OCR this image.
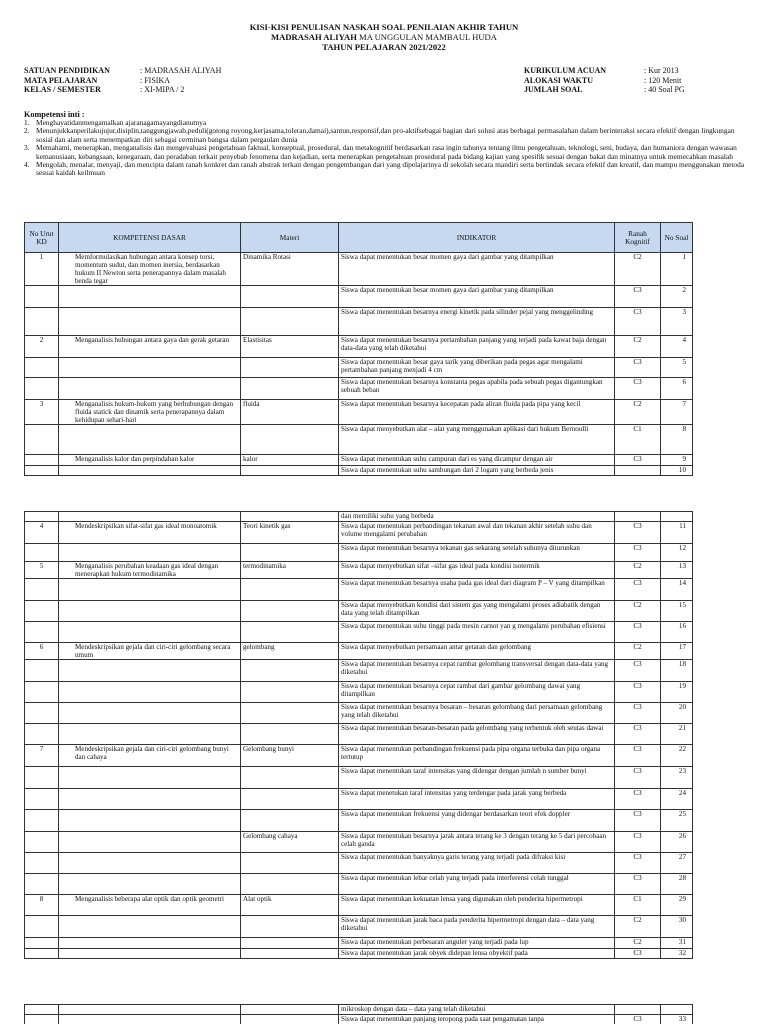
KISI-KISI PENULISAN NASKAH SOAL PENILAIAN AKHIR TAHUN
MADRASAH ALIYAH MA UNGGULAN MAMBAUL HUDA
TAHUN PELAJARAN 2021/2022
SATUAN PENDIDIKAN	: MADRASAH ALIYAH
MATA PELAJARAN	: FISIKA
KELAS / SEMESTER	: XI-MIPA / 2
KURIKULUM ACUAN	: Kur 2013
ALOKASI WAKTU	: 120 Menit
JUMLAH SOAL	: 40 Soal PG
Kompetensi inti :
1. Menghayatidanmengamalkan ajaranagamayangdianutnya
2. Menunjukkanperilakujujur,disiplin,tanggungjawab,peduli(gotong royong,kerjasama,toleran,damai),santun,responsif,dan pro-aktifsebagai bagian dari solusi atas berbagai permasalahan dalam berinteraksi secara efektif dengan lingkungan sosial dan alam serta menempatkan diri sebagai cerminan bangsa dalam pergaulan dunia
3. Memahami, menerapkan, menganalisis dan mengevaluasi pengetahuan faktual, konseptual, prosedural, dan metakognitif berdasarkan rasa ingin tahunya tentang ilmu pengetahuan, teknologi, seni, budaya, dan humaniora dengan wawasan kemanusiaan, kebangsaan, kenegaraan, dan peradaban terkait penyebab fenomena dan kejadian, serta menerapkan pengetahuan prosedural pada bidang kajian yang spesifik sesuai dengan bakat dan minatnya untuk memecahkan masalah
4. Mengolah, menalar, menyaji, dan mencipta dalam ranah konkret dan ranah abstrak terkait dengan pengembangan dari yang dipelajarinya di sekolah secara mandiri serta bertindak secara efektif dan kreatif, dan mampu menggunakan metoda sesuai kaidah keilmuan
No Urut KD	KOMPETENSI DASAR	Materi	INDIKATOR	Ranah Kognitif	No Soal
1	Memformulasikan hubungan antara konsep torsi, momentum sudut, dan momen inersia, berdasarkan hukum II Newton serta penerapannya dalam masalah benda tegar	Dinamika Rotasi	Siswa dapat menentukan besar momen gaya dari gambar yang ditampilkan	C2	1
			Siswa dapat menentukan besar momen gaya dari gambar yang ditampilkan	C3	2
			Siswa dapat menentukan besarnya energi kinetik pada silinder pejal yang menggelinding	C3	3
2	Menganalisis hubungan antara gaya dan gerak getaran	Elastisitas	Siswa dapat menentukan besarnya pertambahan panjang yang terjadi pada kawat baja dengan data-data yang telah diketahui	C2	4
			Siswa dapat menentukan besar gaya tarik yang diberikan pada pegas agar mengalami pertambahan panjang menjadi 4 cm	C3	5
			Siswa dapat menentukan besarnya konstanta pegas apabila pada sebuah pegas digantungkan sebuah beban	C3	6
3	Menganalisis hukum-hukum yang berhubungan dengan fluida statick dan dinamik serta penerapannya dalam kehidupan sehari-hari	fluida	Siswa dapat menentukan besarnya kecepatan pada aliran fluida pada pipa yang kecil	C2	7
			Siswa dapat menyebutkan alat – alat yang menggunakan aplikasi dari hukum Bernoulli	C1	8
	Menganalisis kalor dan perpindahan kalor	kalor	Siswa dapat menentukan suhu campuran dari es yang dicampur dengan air	C3	9
			Siswa dapat menentukan suhu sambungan dari 2 logam yang berbeda jenis		10
			dan memiliki suhu yang berbeda		
4	Mendeskripsikan sifat-sifat gas ideal monoatomik	Teori kinetik gas	Siswa dapat menentukan perbandingan tekanan awal dan tekanan akhir setelah suhu dan volume mengalami perubahan	C3	11
			Siswa dapat menentukan besarnya tekanan gas sekarang setelah suhunya diturunkan	C3	12
5	Menganalisis perubahan keadaan gas ideal dengan menerapkan hukum termodinamika	termodinamika	Siswa dapat menyebutkan sifat –sifat gas ideal pada kondisi isotermik	C2	13
			Siswa dapat menentukan besarnya usaha pada gas ideal dari diagram P – V yang ditampilkan	C3	14
			Siswa dapat menyebutkan kondisi dari sistem gas yang mengalami proses adiabatik dengan data yang telah ditampilkan	C2	15
			Siswa dapat menentukan suhu tinggi pada mesin carnot yan g mengalami perubahan efisiensi	C3	16
6	Mendeskripsikan gejala dan ciri-ciri gelombang secara umum	gelombang	Siswa dapat menyebutkan persamaan antar getaran dan gelombang	C2	17
			Siswa dapat menentukan besarnya cepat rambat gelombang transversal dengan data-data yang diketahui	C3	18
			Siswa dapat menentukan besarnya cepat rambat dari gambar gelombang dawai yang ditampilkan	C3	19
			Siswa dapat menentukan besarnya besaran – besaran gelombang dari persamaan gelombang yang telah diketahui	C3	20
			Siswa dapat menentukan besaran-besaran pada gelombang yang terbentuk oleh seutas dawai	C3	21
7	Mendeskripsikan gejala dan ciri-ciri gelombang bunyi dan cahaya	Gelombang bunyi	Siswa dapat menentukan perbandingan frekuensi pada pipa organa terbuka dan pipa organa tertutup	C3	22
			Siswa dapat menentukan taraf intensitas yang didengar dengan jumlah n sumber bunyi	C3	23
			Siswa dapat menetukan taraf intensitas yang terdengar pada jarak yang berbeda	C3	24
			Siswa dapat menentukan frekuensi yang didengar berdasarkan teori efek doppler	C3	25
		Gelombang cahaya	Siswa dapat menentukan besarnya jarak antara terang ke 3 dengan terang ke 5 dari percobaan celah ganda	C3	26
			Siswa dapat menentukan banyaknya garis terang yang terjadi pada difraksi kisi	C3	27
			Siswa dapat menentukan lebar celah yang terjadi pada interferensi celah tunggal	C3	28
8	Menganalisis beberapa alat optik dan optik geometri	Alat optik	Siswa dapat menentukan kekuatan lensa yang digunakan oleh penderita hipermetropi	C1	29
			Siswa dapat menentukan jarak baca pada penderita hipermetropi dengan data – data yang diketahui	C2	30
			Siswa dapat menentukan perbesaran anguler yang terjadi pada lup	C2	31
			Siswa dapat menentukan jarak obyek didepan lensa obyektif pada	C3	32
			mikroskop dengan data – data yang telah diketahui		
			Siswa dapat menentukan panjang teropong pada saat pengamatan tanpa	C3	33
